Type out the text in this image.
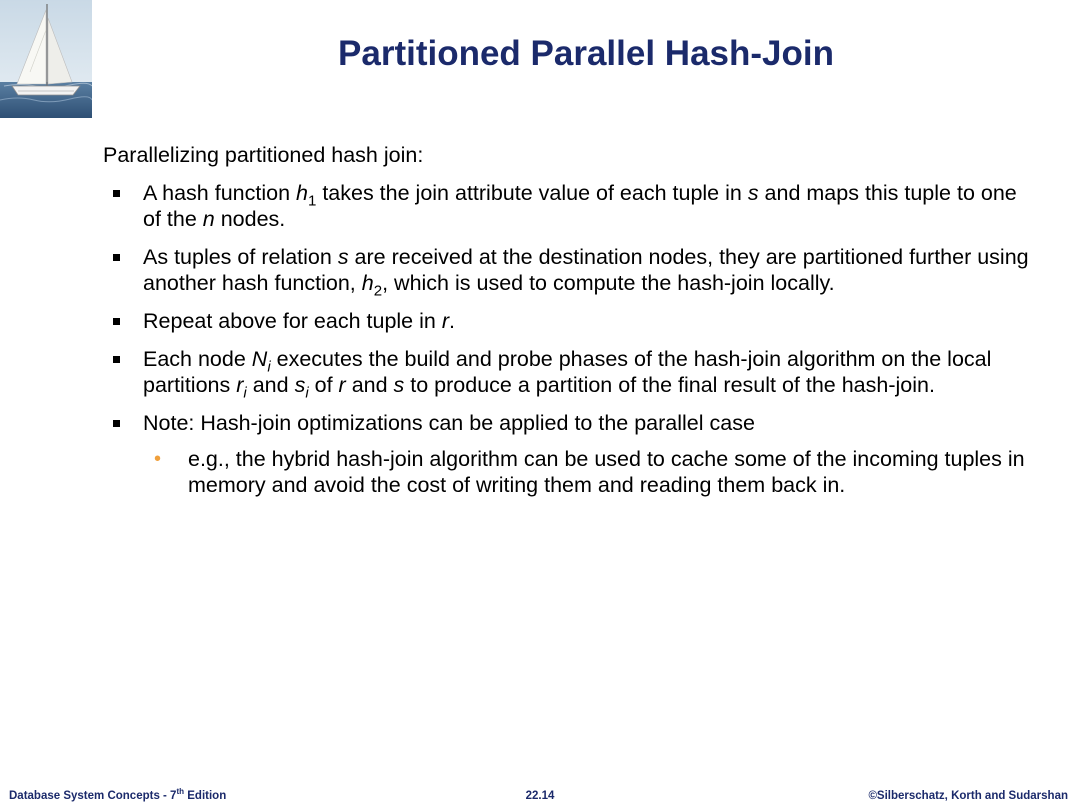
Partitioned Parallel Hash-Join

Parallelizing partitioned hash join:

A hash function $h_1$ takes the join attribute value of each tuple in s and maps this tuple to one of the n nodes.
As tuples of relation s are received at the destination nodes, they are partitioned further using another hash function, $h_2$, which is used to compute the hash-join locally.
Repeat above for each tuple in r.
Each node $N_i$ executes the build and probe phases of the hash-join algorithm on the local partitions $r_i$ and $s_i$ of r and s to produce a partition of the final result of the hash-join.
Note: Hash-join optimizations can be applied to the parallel case
• e.g., the hybrid hash-join algorithm can be used to cache some of the incoming tuples in memory and avoid the cost of writing them and reading them back in.
Database System Concepts - 7th Edition	22.14	©Silberschatz, Korth and Sudarshan
